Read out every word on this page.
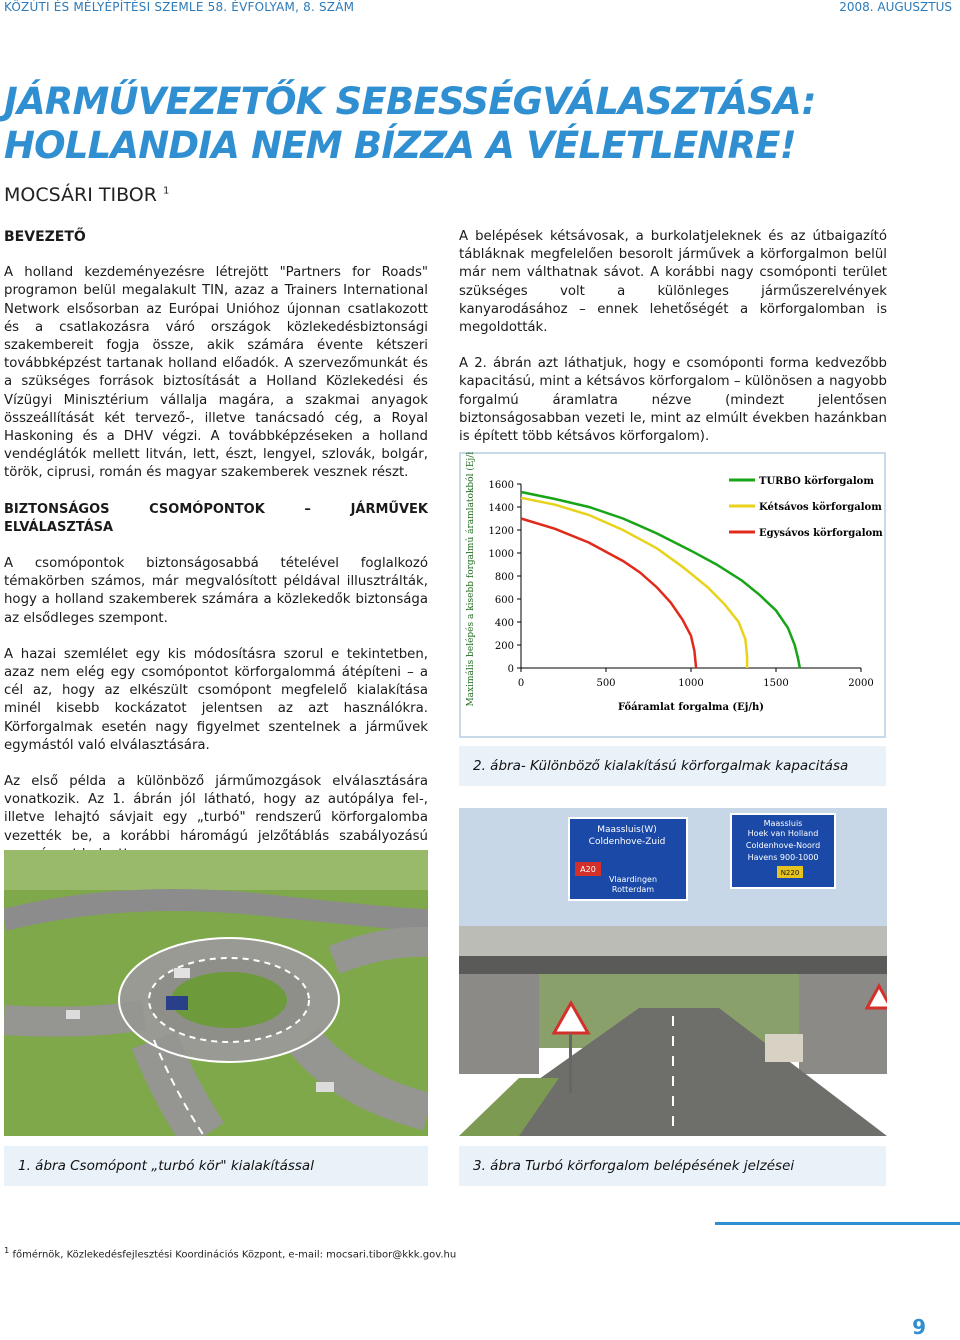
KÖZÚTI ÉS MÉLYÉPÍTÉSI SZEMLE 58. ÉVFOLYAM, 8. SZÁM	2008. AUGUSZTUS
JÁRMŰVEZETŐK SEBESSÉGVÁLASZTÁSA:
HOLLANDIA NEM BÍZZA A VÉLETLENRE!
MOCSÁRI TIBOR $^1$
BEVEZETŐ

A holland kezdeményezésre létrejött "Partners for Roads" programon belül megalakult TIN, azaz a Trainers International Network elsősorban az Európai Unióhoz újonnan csatlakozott és a csatlakozásra váró országok közlekedésbiztonsági szakembereit fogja össze, akik számára évente kétszeri továbbképzést tartanak holland előadók. A szervezőmunkát és a szükséges források biztosítását a Holland Közlekedési és Vízügyi Minisztérium vállalja magára, a szakmai anyagok összeállítását két tervező-, illetve tanácsadó cég, a Royal Haskoning és a DHV végzi. A továbbképzéseken a holland vendéglátók mellett litván, lett, észt, lengyel, szlovák, bolgár, török, ciprusi, román és magyar szakemberek vesznek részt.

BIZTONSÁGOS CSOMÓPONTOK – JÁRMŰVEK ELVÁLASZTÁSA

A csomópontok biztonságosabbá tételével foglalkozó témakörben számos, már megvalósított példával illusztrálták, hogy a holland szakemberek számára a közlekedők biztonsága az elsődleges szempont.

A hazai szemlélet egy kis módosításra szorul e tekintetben, azaz nem elég egy csomópontot körforgalommá átépíteni – a cél az, hogy az elkészült csomópont megfelelő kialakítása minél kisebb kockázatot jelentsen az azt használókra. Körforgalmak esetén nagy figyelmet szentelnek a járművek egymástól való elválasztására.

Az első példa a különböző járműmozgások elválasztására vonatkozik. Az 1. ábrán jól látható, hogy az autópálya fel-, illetve lehajtó sávjait egy „turbó" rendszerű körforgalomba vezették be, a korábbi háromágú jelzőtáblás szabályozású

A belépések kétsávosak, a burkolatjeleknek és az útbaigazító tábláknak megfelelően besorolt járművek a körforgalmon belül már nem válthatnak sávot. A korábbi nagy csomóponti terület szükséges volt a különleges járműszerelvények kanyarodásához – ennek lehetőségét a körforgalomban is megoldották.

A 2. ábrán azt láthatjuk, hogy e csomóponti forma kedvezőbb kapacitású, mint a kétsávos körforgalom – különösen a nagyobb forgalmú áramlatra nézve (mindezt jelentősen biztonságosabban vezeti le, mint az elmúlt években hazánkban is épített több kétsávos körforgalom).

0
200
400
600
800
1000
1200
1400
1600
0	500	1000	1500	2000
Főáramlat forgalma (Ej/h)
Maximális belépés a kisebb forgalmú áramlatokból (Ej/h)	TURBO körforgalom
Kétsávos körforgalom
Egysávos körforgalom
2. ábra- Különböző kialakítású körforgalmak kapacitása
1. ábra Csomópont „turbó kör" kialakítással
Maassluis(W)
Coldenhove-Zuid
A20
Vlaardingen
Rotterdam
Maassluis
Hoek van Holland
Coldenhove-Noord
Havens 900-1000
N220
3. ábra Turbó körforgalom belépésének jelzései
$^1$ főmérnök, Közlekedésfejlesztési Koordinációs Központ, e-mail: mocsari.tibor@kkk.gov.hu
9
